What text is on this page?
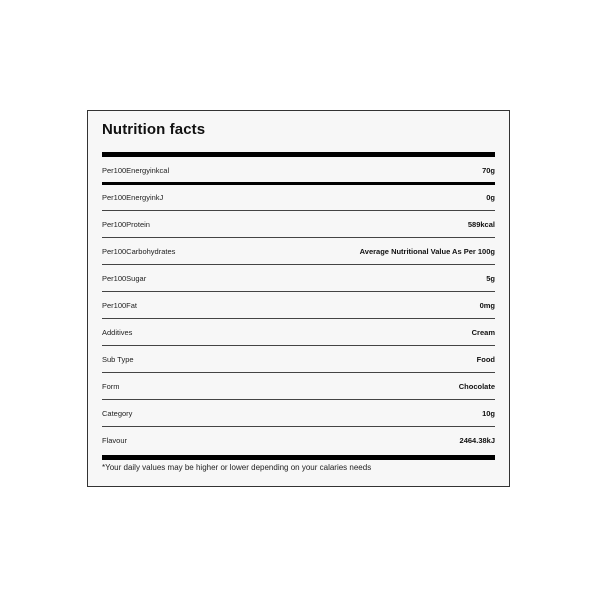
Nutrition facts
Per100Energyinkcal	70g
Per100EnergyinkJ	0g
Per100Protein	589kcal
Per100Carbohydrates	Average Nutritional Value As Per 100g
Per100Sugar	5g
Per100Fat	0mg
Additives	Cream
Sub Type	Food
Form	Chocolate
Category	10g
Flavour	2464.38kJ
*Your daily values may be higher or lower depending on your calaries needs
